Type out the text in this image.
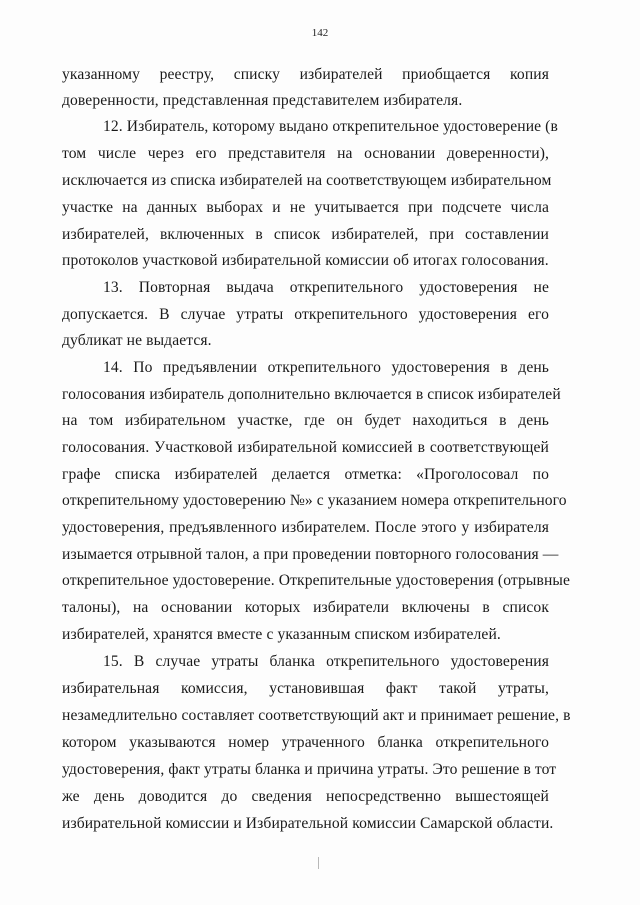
142
указанному реестру, списку избирателей приобщается копия
доверенности, представленная представителем избирателя.
12. Избиратель, которому выдано открепительное удостоверение (в
том числе через его представителя на основании доверенности),
исключается из списка избирателей на соответствующем избирательном
участке на данных выборах и не учитывается при подсчете числа
избирателей, включенных в список избирателей, при составлении
протоколов участковой избирательной комиссии об итогах голосования.
13. Повторная выдача открепительного удостоверения не
допускается. В случае утраты открепительного удостоверения его
дубликат не выдается.
14. По предъявлении открепительного удостоверения в день
голосования избиратель дополнительно включается в список избирателей
на том избирательном участке, где он будет находиться в день
голосования. Участковой избирательной комиссией в соответствующей
графе списка избирателей делается отметка: «Проголосовал по
открепительному удостоверению №» с указанием номера открепительного
удостоверения, предъявленного избирателем. После этого у избирателя
изымается отрывной талон, а при проведении повторного голосования —
открепительное удостоверение. Открепительные удостоверения (отрывные
талоны), на основании которых избиратели включены в список
избирателей, хранятся вместе с указанным списком избирателей.
15. В случае утраты бланка открепительного удостоверения
избирательная комиссия, установившая факт такой утраты,
незамедлительно составляет соответствующий акт и принимает решение, в
котором указываются номер утраченного бланка открепительного
удостоверения, факт утраты бланка и причина утраты. Это решение в тот
же день доводится до сведения непосредственно вышестоящей
избирательной комиссии и Избирательной комиссии Самарской области.
